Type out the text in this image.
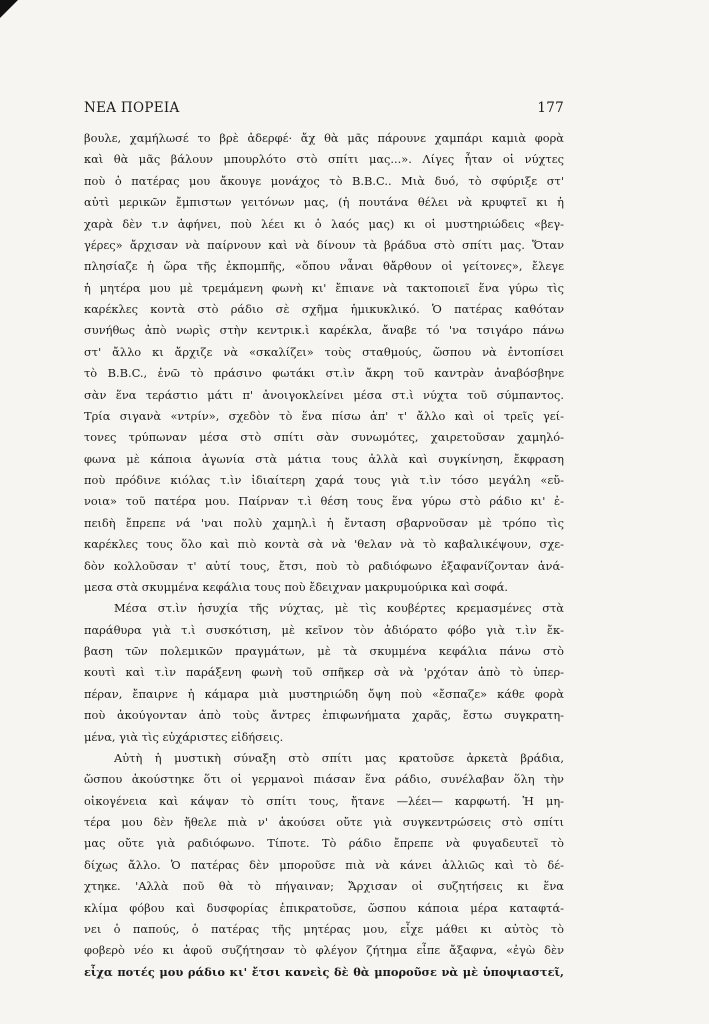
ΝΕΑ ΠΟΡΕΙΑ	177
βουλε, χαμήλωσέ το βρὲ ἀδερφέ· ἄχ θὰ μᾶς πάρουνε χαμπάρι καμιὰ φορὰ
καὶ θὰ μᾶς βάλουν μπουρλότο στὸ σπίτι μας...». Λίγες ἦταν οἱ νύχτες
ποὺ ὁ πατέρας μου ἄκουγε μονάχος τὸ Β.Β.C.. Μιὰ δυό, τὸ σφύριξε στ'
αὐτὶ μερικῶν ἔμπιστων γειτόνων μας, (ἡ πουτάνα θέλει νὰ κρυφτεῖ κι ἡ
χαρὰ δὲν τ.ν ἀφήνει, ποὺ λέει κι ὁ λαός μας) κι οἱ μυστηριώδεις «βεγ-
γέρες» ἄρχισαν νὰ παίρνουν καὶ νὰ δίνουν τὰ βράδυα στὸ σπίτι μας. Ὅταν
πλησίαζε ἡ ὥρα τῆς ἐκπομπῆς, «ὅπου νἆναι θἄρθουν οἱ γείτονες», ἔλεγε
ἡ μητέρα μου μὲ τρεμάμενη φωνὴ κι' ἔπιανε νὰ τακτοποιεῖ ἕνα γύρω τὶς
καρέκλες κοντὰ στὸ ράδιο σὲ σχῆμα ἡμικυκλικό. Ὁ πατέρας καθόταν
συνήθως ἀπὸ νωρὶς στὴν κεντρικ.ὶ καρέκλα, ἄναβε τό 'να τσιγάρο πάνω
στ' ἄλλο κι ἄρχιζε νὰ «σκαλίζει» τοὺς σταθμούς, ὥσπου νὰ ἐντοπίσει
τὸ Β.Β.C., ἐνῶ τὸ πράσινο φωτάκι στ.ὶν ἄκρη τοῦ καντρὰν ἀναβόσβηνε
σὰν ἕνα τεράστιο μάτι π' ἀνοιγοκλείνει μέσα στ.ὶ νύχτα τοῦ σύμπαντος.
Τρία σιγανὰ «ντρίν», σχεδὸν τὸ ἕνα πίσω ἀπ' τ' ἄλλο καὶ οἱ τρεῖς γεί-
τονες τρύπωναν μέσα στὸ σπίτι σὰν συνωμότες, χαιρετοῦσαν χαμηλό-
φωνα μὲ κάποια ἀγωνία στὰ μάτια τους ἀλλὰ καὶ συγκίνηση, ἔκφραση
ποὺ πρόδινε κιόλας τ.ὶν ἰδιαίτερη χαρά τους γιὰ τ.ὶν τόσο μεγάλη «εὔ-
νοια» τοῦ πατέρα μου. Παίρναν τ.ὶ θέση τους ἕνα γύρω στὸ ράδιο κι' ἐ-
πειδὴ ἔπρεπε νά 'ναι πολὺ χαμηλ.ὶ ἡ ἔνταση σβαρνοῦσαν μὲ τρόπο τὶς
καρέκλες τους ὅλο καὶ πιὸ κοντὰ σὰ νὰ 'θελαν νὰ τὸ καβαλικέψουν, σχε-
δὸν κολλοῦσαν τ' αὐτί τους, ἔτσι, ποὺ τὸ ραδιόφωνο ἐξαφανίζονταν ἀνά-
μεσα στὰ σκυμμένα κεφάλια τους ποὺ ἔδειχναν μακρυμούρικα καὶ σοφά.
Μέσα στ.ὶν ἡσυχία τῆς νύχτας, μὲ τὶς κουβέρτες κρεμασμένες στὰ
παράθυρα γιὰ τ.ὶ συσκότιση, μὲ κεῖνον τὸν ἀδιόρατο φόβο γιὰ τ.ὶν ἔκ-
βαση τῶν πολεμικῶν πραγμάτων, μὲ τὰ σκυμμένα κεφάλια πάνω στὸ
κουτὶ καὶ τ.ὶν παράξενη φωνὴ τοῦ σπῆκερ σὰ νὰ 'ρχόταν ἀπὸ τὸ ὑπερ-
πέραν, ἔπαιρνε ἡ κάμαρα μιὰ μυστηριώδη ὄψη ποὺ «ἔσπαζε» κάθε φορὰ
ποὺ ἀκούγονταν ἀπὸ τοὺς ἄντρες ἐπιφωνήματα χαρᾶς, ἔστω συγκρατη-
μένα, γιὰ τὶς εὐχάριστες εἰδήσεις.
Αὐτὴ ἡ μυστικὴ σύναξη στὸ σπίτι μας κρατοῦσε ἀρκετὰ βράδια,
ὥσπου ἀκούστηκε ὅτι οἱ γερμανοὶ πιάσαν ἕνα ράδιο, συνέλαβαν ὅλη τὴν
οἰκογένεια καὶ κάψαν τὸ σπίτι τους, ἤτανε —λέει— καρφωτή. Ἡ μη-
τέρα μου δὲν ἤθελε πιὰ ν' ἀκούσει οὔτε γιὰ συγκεντρώσεις στὸ σπίτι
μας οὔτε γιὰ ραδιόφωνο. Τίποτε. Τὸ ράδιο ἔπρεπε νὰ φυγαδευτεῖ τὸ
δίχως ἄλλο. Ὁ πατέρας δὲν μποροῦσε πιὰ νὰ κάνει ἀλλιῶς καὶ τὸ δέ-
χτηκε. 'Αλλὰ ποῦ θὰ τὸ πήγαιναν; Ἄρχισαν οἱ συζητήσεις κι ἕνα
κλίμα φόβου καὶ δυσφορίας ἐπικρατοῦσε, ὥσπου κάποια μέρα καταφτά-
νει ὁ παπούς, ὁ πατέρας τῆς μητέρας μου, εἶχε μάθει κι αὐτὸς τὸ
φοβερὸ νέο κι ἀφοῦ συζήτησαν τὸ φλέγον ζήτημα εἶπε ἄξαφνα, «ἐγὼ δὲν
εἶχα ποτές μου ράδιο κι' ἔτσι κανεὶς δὲ θὰ μποροῦσε νὰ μὲ ὑποψιαστεῖ,
